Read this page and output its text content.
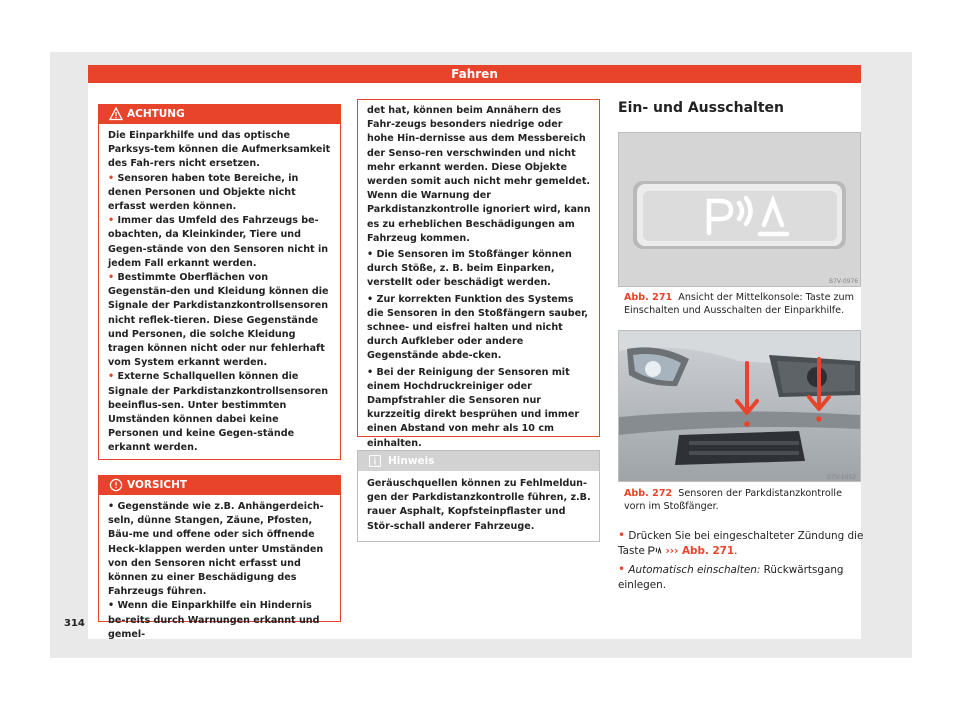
Fahren
ACHTUNG

Die Einparkhilfe und das optische Parksys-tem können die Aufmerksamkeit des Fah-rers nicht ersetzen.

• Sensoren haben tote Bereiche, in denen Personen und Objekte nicht erfasst werden können.

• Immer das Umfeld des Fahrzeugs be-obachten, da Kleinkinder, Tiere und Gegen-stände von den Sensoren nicht in jedem Fall erkannt werden.

• Bestimmte Oberflächen von Gegenstän-den und Kleidung können die Signale der Parkdistanzkontrollsensoren nicht reflek-tieren. Diese Gegenstände und Personen, die solche Kleidung tragen können nicht oder nur fehlerhaft vom System erkannt werden.

• Externe Schallquellen können die Signale der Parkdistanzkontrollsensoren beeinflus-sen. Unter bestimmten Umständen können dabei keine Personen und keine Gegen-stände erkannt werden.

VORSICHT

• Gegenstände wie z.B. Anhängerdeich-seln, dünne Stangen, Zäune, Pfosten, Bäu-me und offene oder sich öffnende Heck-klappen werden unter Umständen von den Sensoren nicht erfasst und können zu einer Beschädigung des Fahrzeugs führen.

• Wenn die Einparkhilfe ein Hindernis be-reits durch Warnungen erkannt und gemel-

det hat, können beim Annähern des Fahr-zeugs besonders niedrige oder hohe Hin-dernisse aus dem Messbereich der Senso-ren verschwinden und nicht mehr erkannt werden. Diese Objekte werden somit auch nicht mehr gemeldet. Wenn die Warnung der Parkdistanzkontrolle ignoriert wird, kann es zu erheblichen Beschädigungen am Fahrzeug kommen.

• Die Sensoren im Stoßfänger können durch Stöße, z. B. beim Einparken, verstellt oder beschädigt werden.

• Zur korrekten Funktion des Systems die Sensoren in den Stoßfängern sauber, schnee- und eisfrei halten und nicht durch Aufkleber oder andere Gegenstände abde-cken.

• Bei der Reinigung der Sensoren mit einem Hochdruckreiniger oder Dampfstrahler die Sensoren nur kurzzeitig direkt besprühen und immer einen Abstand von mehr als 10 cm einhalten.

Hinweis

Geräuschquellen können zu Fehlmeldun-gen der Parkdistanzkontrolle führen, z.B. rauer Asphalt, Kopfsteinpflaster und Stör-schall anderer Fahrzeuge.

Ein- und Ausschalten
B7V-0976
Abb. 271 Ansicht der Mittelkonsole: Taste zum Einschalten und Ausschalten der Einparkhilfe.
B7V-1052
Abb. 272 Sensoren der Parkdistanzkontrolle vorn im Stoßfänger.
• Drücken Sie bei eingeschalteter Zündung die Taste ››› Abb. 271.
• Automatisch einschalten: Rückwärtsgang einlegen.
314
